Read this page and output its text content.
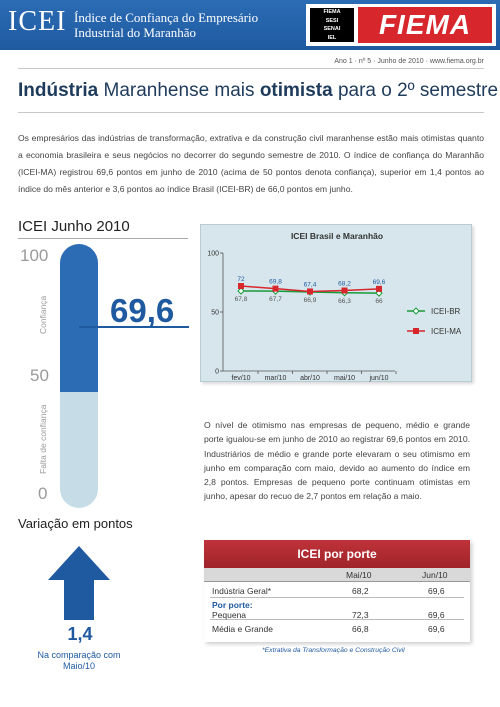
ICEI Índice de Confiança do Empresário
Industrial do Maranhão
FIEMA
SESI
SENAI
IEL	FIEMA
Ano 1 · nº 5 · Junho de 2010 · www.fiema.org.br
Indústria Maranhense mais otimista para o 2º semestre
Os empresários das indústrias de transformação, extrativa e da construção civil maranhense estão mais otimistas quanto a economia brasileira e seus negócios no decorrer do segundo semestre de 2010. O índice de confiança do Maranhão (ICEI-MA) registrou 69,6 pontos em junho de 2010 (acima de 50 pontos denota confiança), superior em 1,4 pontos ao índice do mês anterior e 3,6 pontos ao índice Brasil (ICEI-BR) de 66,0 pontos em junho.
ICEI Junho 2010
100
50
0
Confiança
Falta de confiança
69,6
Variação em pontos
1,4
Na comparação com Maio/10
ICEI Brasil e Maranhão
0
50
100
fev/10 mar/10 abr/10 mai/10 jun/10
67,8	67,7	66,9	66,3	66
72	69,8	67,4	68,2	69,6
ICEI-BR
ICEI-MA
O nível de otimismo nas empresas de pequeno, médio e grande porte igualou-se em junho de 2010 ao registrar 69,6 pontos em 2010. Industriários de médio e grande porte elevaram o seu otimismo em junho em comparação com maio, devido ao aumento do índice em 2,8 pontos. Empresas de pequeno porte continuam otimistas em junho, apesar do recuo de 2,7 pontos em relação a maio.
ICEI por porte
Mai/10	Jun/10
Indústria Geral*	68,2	69,6
Por porte:
Pequena	72,3	69,6
Média e Grande	66,8	69,6
*Extrativa da Transformação e Construção Civil
